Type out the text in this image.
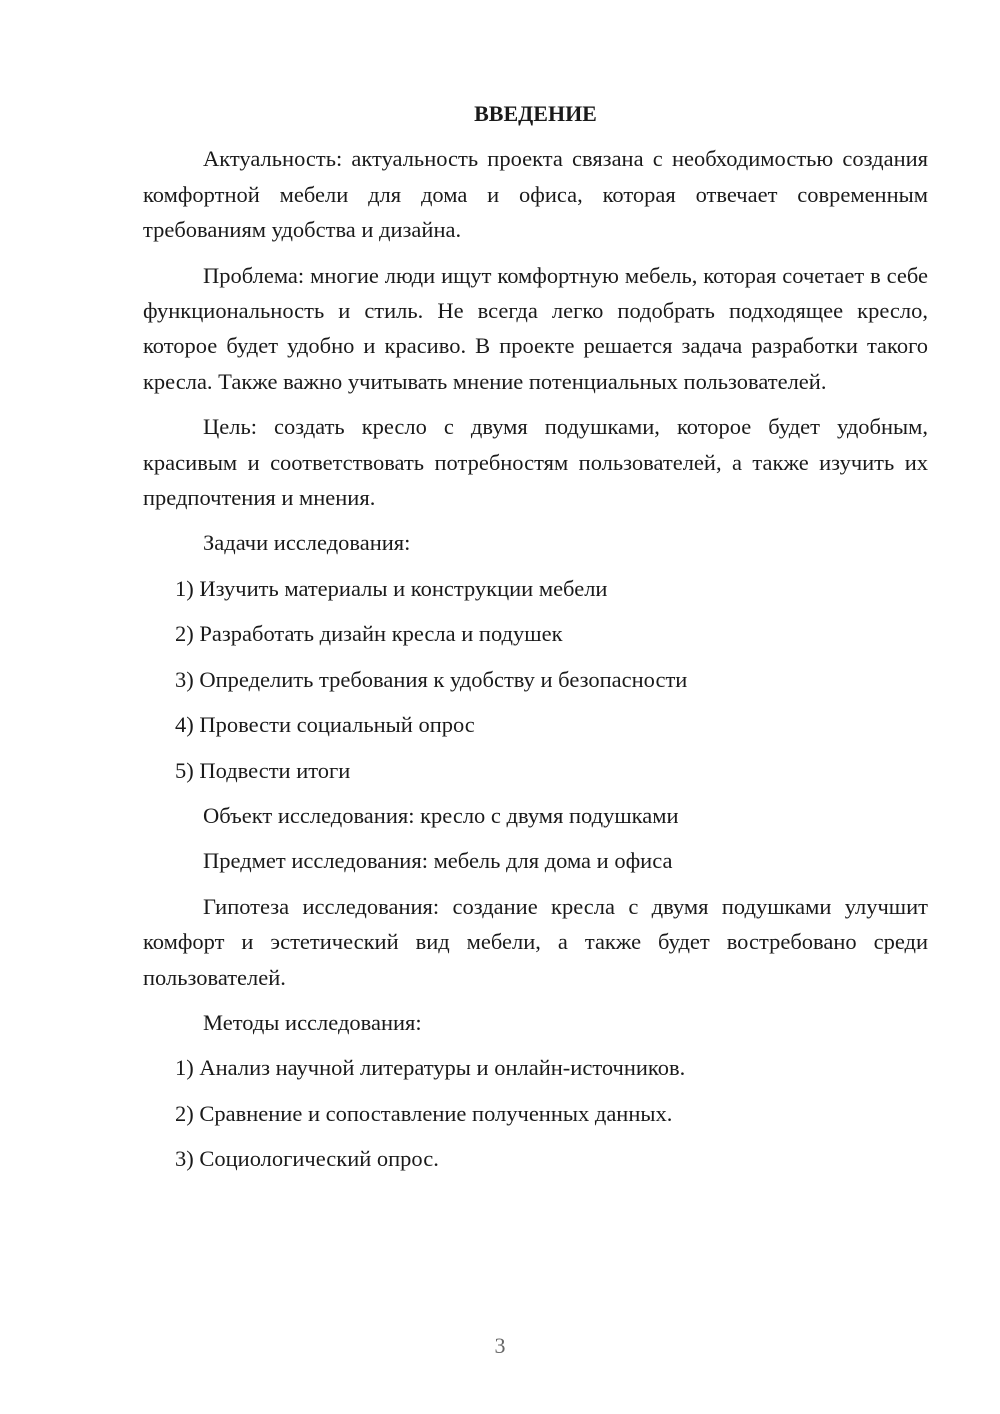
ВВЕДЕНИЕ
Актуальность: актуальность проекта связана с необходимостью создания комфортной мебели для дома и офиса, которая отвечает современным требованиям удобства и дизайна.
Проблема: многие люди ищут комфортную мебель, которая сочетает в себе функциональность и стиль. Не всегда легко подобрать подходящее кресло, которое будет удобно и красиво. В проекте решается задача разработки такого кресла. Также важно учитывать мнение потенциальных пользователей.
Цель: создать кресло с двумя подушками, которое будет удобным, красивым и соответствовать потребностям пользователей, а также изучить их предпочтения и мнения.
Задачи исследования:
1) Изучить материалы и конструкции мебели
2) Разработать дизайн кресла и подушек
3) Определить требования к удобству и безопасности
4) Провести социальный опрос
5) Подвести итоги
Объект исследования: кресло с двумя подушками
Предмет исследования: мебель для дома и офиса
Гипотеза исследования: создание кресла с двумя подушками улучшит комфорт и эстетический вид мебели, а также будет востребовано среди пользователей.
Методы исследования:
1) Анализ научной литературы и онлайн-источников.
2) Сравнение и сопоставление полученных данных.
3) Социологический опрос.
3
